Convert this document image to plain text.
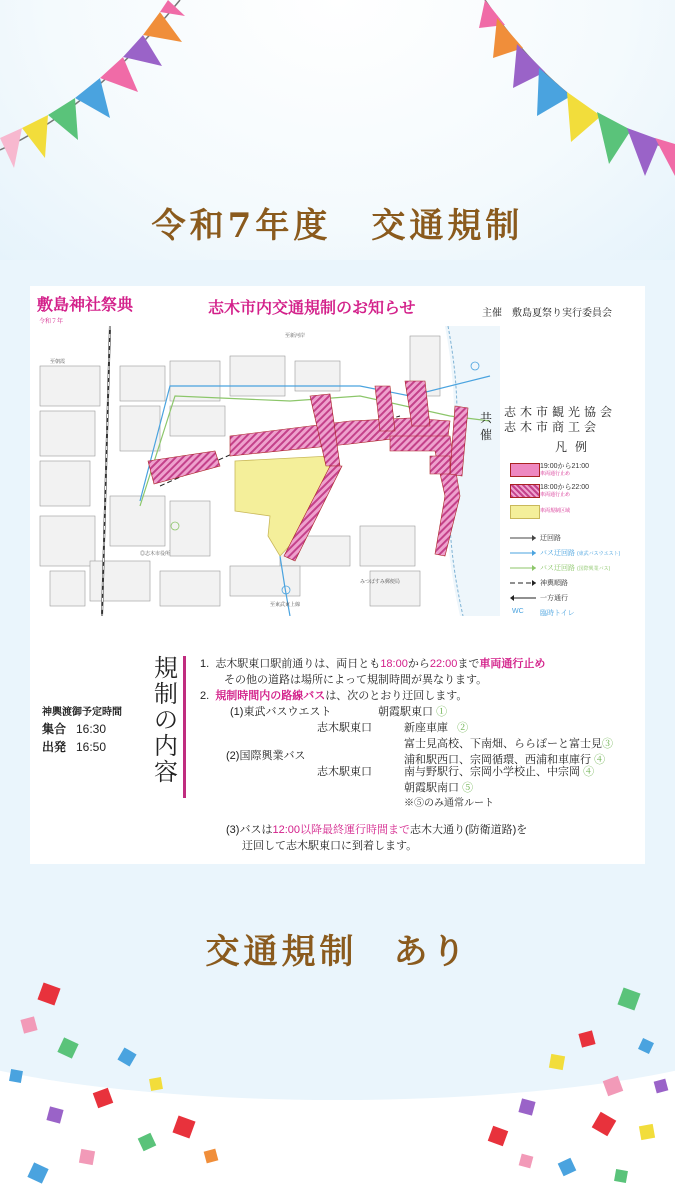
令和7年度 交通規制
敷島神社祭典
令和７年
志木市内交通規制のお知らせ	主催 敷島夏祭り実行委員会
至新河岸
至朝霞
◎志木市役所
至東武東上線
みつばすみ郵便局
共催
志木市観光協会
志木市商工会
凡例
19:00から21:00
車両通行止め
18:00から22:00
車両通行止め
車両規制区域
迂回路
バス迂回路 (東武バスウエスト)
バス迂回路 (国際興業バス)
神輿順路
一方通行
WC 臨時トイレ
規
制
の
内
容
神輿渡御予定時間
集合 16:30
出発 16:50
1. 志木駅東口駅前通りは、両日とも18:00から22:00まで車両通行止め
その他の道路は場所によって規制時間が異なります。
2. 規制時間内の路線バスは、次のとおり迂回します。
(1)東武バスウエスト	朝霞駅東口 ①
志木駅東口	新座車庫 ②
富士見高校、下南畑、ららぽーと富士見③
浦和駅西口、宗岡循環、西浦和車庫行 ④
(2)国際興業バス
志木駅東口	南与野駅行、宗岡小学校止、中宗岡 ④
朝霞駅南口 ⑤
※⑤のみ通常ルート
(3)バスは12:00以降最終運行時間まで志木大通り(防衛道路)を
迂回して志木駅東口に到着します。
交通規制 あり
